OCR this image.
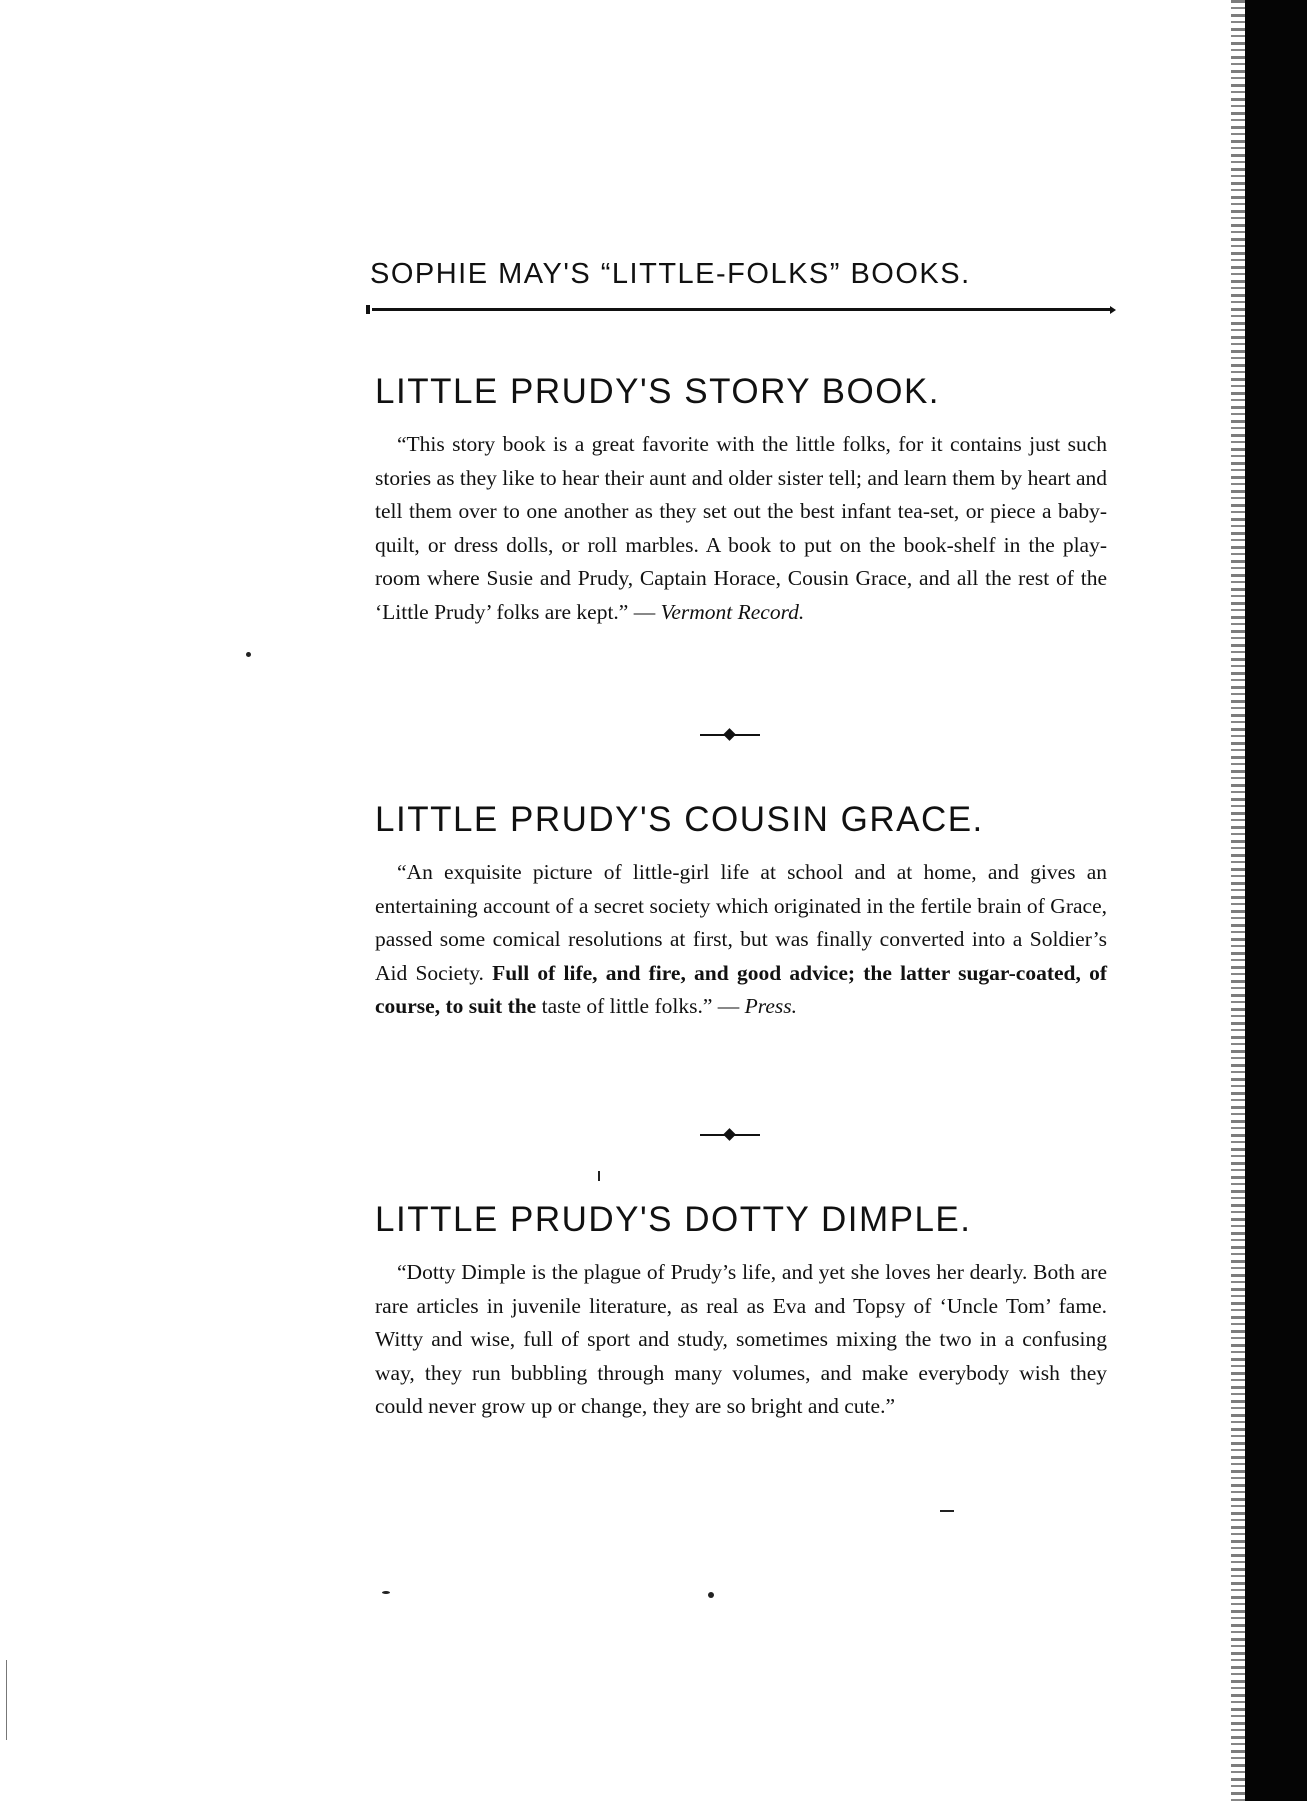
SOPHIE MAY'S “LITTLE-FOLKS” BOOKS.
LITTLE PRUDY'S STORY BOOK.

“This story book is a great favorite with the little folks, for it contains just such stories as they like to hear their aunt and older sister tell; and learn them by heart and tell them over to one another as they set out the best infant tea-set, or piece a baby-quilt, or dress dolls, or roll marbles. A book to put on the book-shelf in the play-room where Susie and Prudy, Captain Horace, Cousin Grace, and all the rest of the ‘Little Prudy’ folks are kept.” — Vermont Record.

LITTLE PRUDY'S COUSIN GRACE.

“An exquisite picture of little-girl life at school and at home, and gives an entertaining account of a secret society which originated in the fertile brain of Grace, passed some comical resolutions at first, but was finally converted into a Soldier’s Aid Society. Full of life, and fire, and good advice; the latter sugar-coated, of course, to suit the taste of little folks.” — Press.

LITTLE PRUDY'S DOTTY DIMPLE.

“Dotty Dimple is the plague of Prudy’s life, and yet she loves her dearly. Both are rare articles in juvenile literature, as real as Eva and Topsy of ‘Uncle Tom’ fame. Witty and wise, full of sport and study, sometimes mixing the two in a confusing way, they run bubbling through many volumes, and make everybody wish they could never grow up or change, they are so bright and cute.”
